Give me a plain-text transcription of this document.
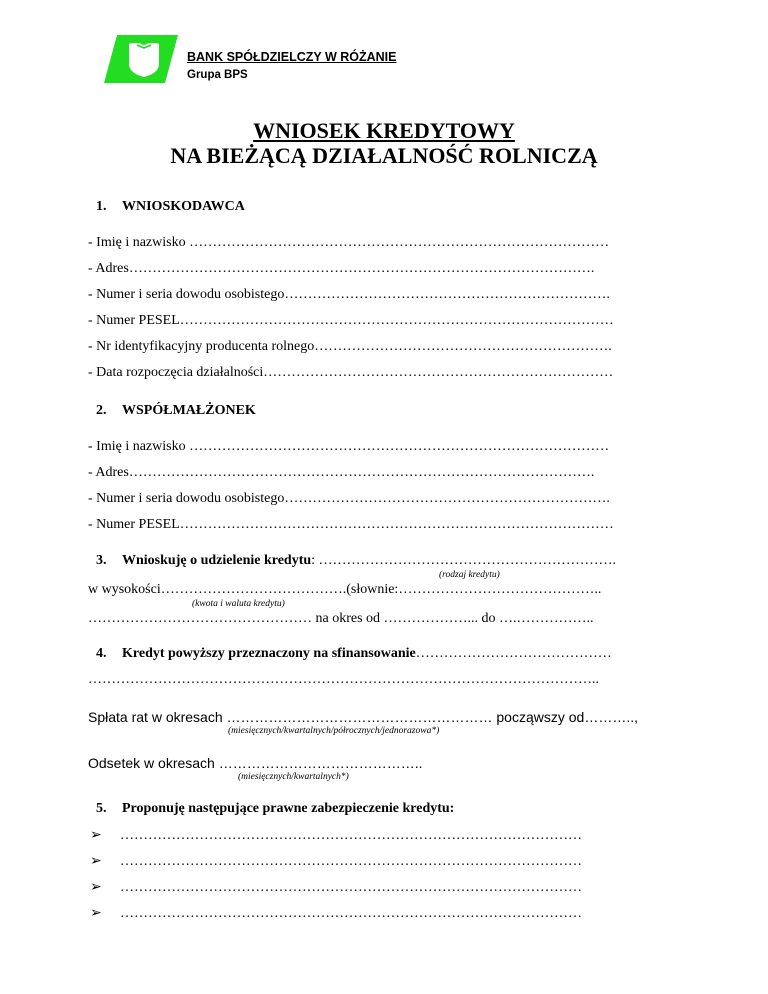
BANK SPÓŁDZIELCZY W RÓŻANIE
Grupa BPS
WNIOSEK KREDYTOWY
NA BIEŻĄCĄ DZIAŁALNOŚĆ ROLNICZĄ
1. WNIOSKODAWCA
- Imię i nazwisko ………………………………………………………………………………
- Adres……………………………………………………………………………………….
- Numer i seria dowodu osobistego…………………………………………………………….
- Numer PESEL…………………………………………………………………………………
- Nr identyfikacyjny producenta rolnego……………………………………………………….
- Data rozpoczęcia działalności…………………………………………………………………
2. WSPÓŁMAŁŻONEK
- Imię i nazwisko ………………………………………………………………………………
- Adres……………………………………………………………………………………….
- Numer i seria dowodu osobistego…………………………………………………………….
- Numer PESEL…………………………………………………………………………………
3. Wnioskuję o udzielenie kredytu: ……………………………………………………….
(rodzaj kredytu)
w wysokości………………………………….(słownie:……………………………………..
(kwota i waluta kredytu)
………………………………………… na okres od ………………... do ….……………..
4. Kredyt powyższy przeznaczony na sfinansowanie……………………………………
………………………………………………………………………………………………..
Spłata rat w okresach ………………………………………………… począwszy od………..,
(miesięcznych/kwartalnych/półrocznych/jednorazowa*)
Odsetek w okresach ……………………………………..
(miesięcznych/kwartalnych*)
5. Proponuję następujące prawne zabezpieczenie kredytu:
➢ ………………………………………………………………………………………
➢ ………………………………………………………………………………………
➢ ………………………………………………………………………………………
➢ ………………………………………………………………………………………
